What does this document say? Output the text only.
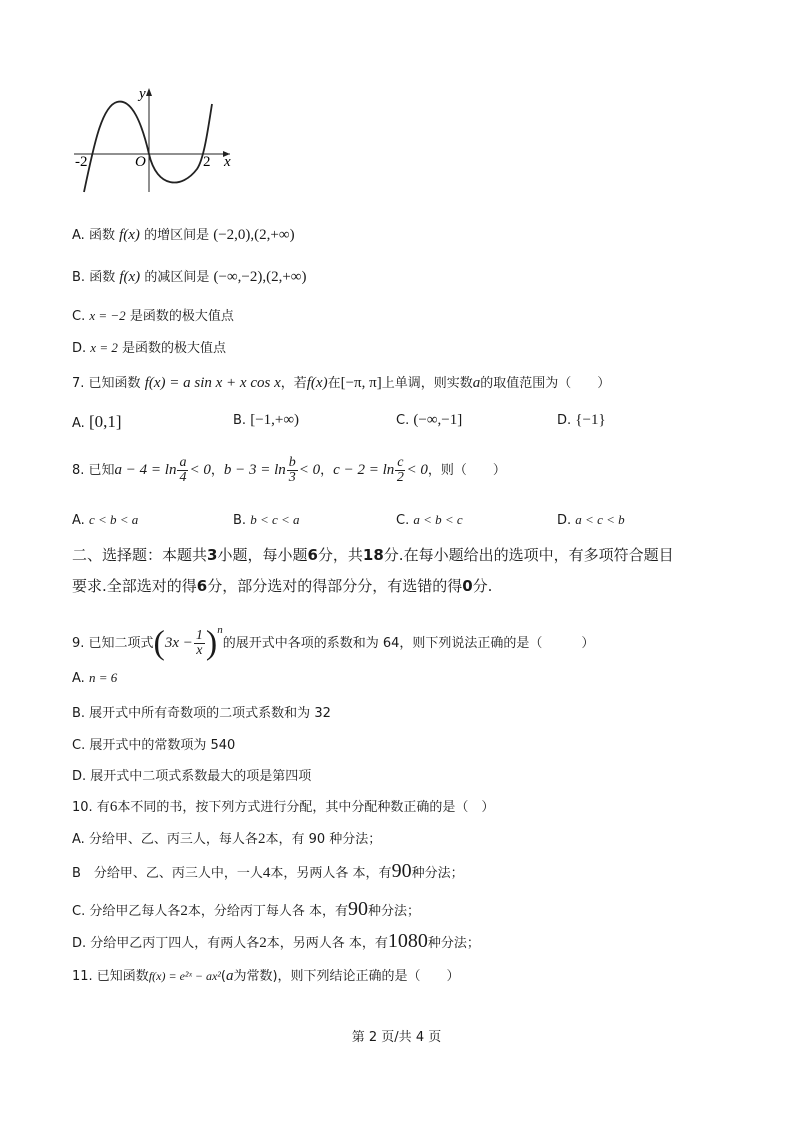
y
x
O
-2	2
A. 函数 f(x) 的增区间是 (−2,0),(2,+∞)
B. 函数 f(x) 的减区间是 (−∞,−2),(2,+∞)
C. x = −2 是函数的极大值点
D. x = 2 是函数的极大值点
7. 已知函数 f(x) = a sin x + x cos x，若f(x)在[−π, π]上单调，则实数a的取值范围为（　　）
A. [0,1]	B. [−1,+∞)	C. (−∞,−1]	D. {−1}
8. 已知$a - 4 = \ln \frac{a}{4} < 0$，$b - 3 = \ln \frac{b}{3} < 0$，$c - 2 = \ln \frac{c}{2} < 0$，则（　　）
A. c < b < a	B. b < c < a	C. a < b < c	D. a < c < b
二、选择题：本题共3小题，每小题6分，共18分.在每小题给出的选项中，有多项符合题目
要求.全部选对的得6分，部分选对的得部分分，有选错的得0分.
9. 已知二项式$(3x - \frac{1}{x} )^n$的展开式中各项的系数和为 64，则下列说法正确的是（　　　）
A. n = 6
B. 展开式中所有奇数项的二项式系数和为 32
C. 展开式中的常数项为 540
D. 展开式中二项式系数最大的项是第四项
10. 有6本不同的书，按下列方式进行分配，其中分配种数正确的是（　）
A. 分给甲、乙、丙三人，每人各2本，有 90 种分法；
B　分给甲、乙、丙三人中，一人4本，另两人各 本，有90种分法；
C. 分给甲乙每人各2本，分给丙丁每人各 本，有90种分法；
D. 分给甲乙丙丁四人，有两人各2本，另两人各 本，有1080种分法；
11. 已知函数f(x) = e²ˣ − ax²(a为常数)，则下列结论正确的是（　　）
第 2 页/共 4 页
